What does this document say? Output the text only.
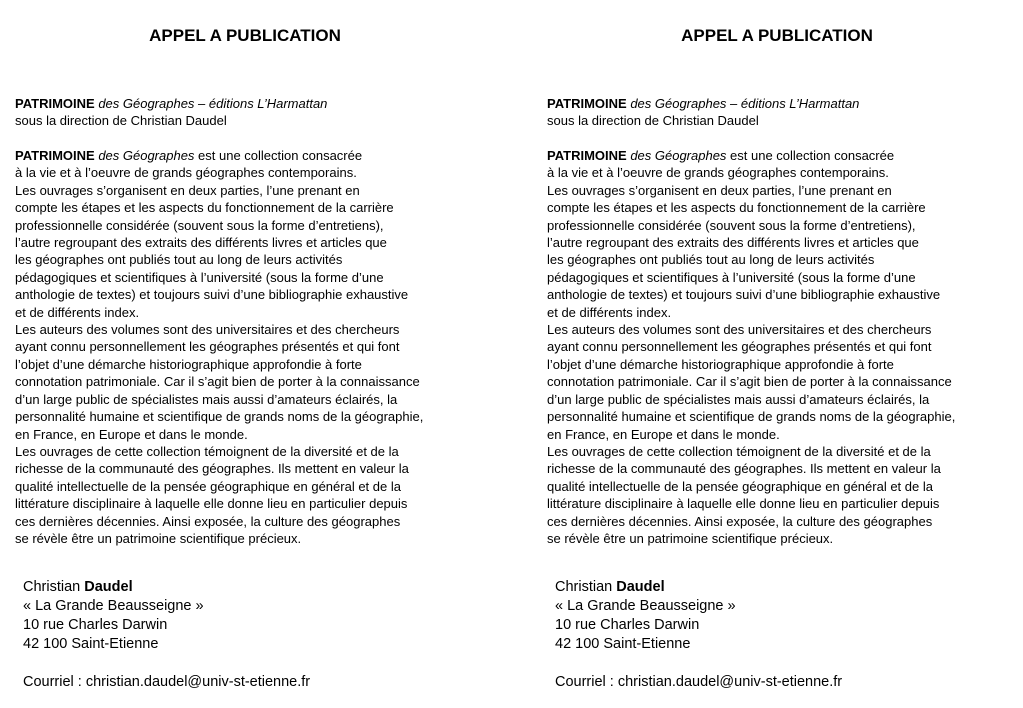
APPEL A PUBLICATION
PATRIMOINE des Géographes – éditions L’Harmattan
sous la direction de Christian Daudel
PATRIMOINE des Géographes est une collection consacrée
à la vie et à l’oeuvre de grands géographes contemporains.
Les ouvrages s’organisent en deux parties, l’une prenant en
compte les étapes et les aspects du fonctionnement de la carrière
professionnelle considérée (souvent sous la forme d’entretiens),
l’autre regroupant des extraits des différents livres et articles que
les géographes ont publiés tout au long de leurs activités
pédagogiques et scientifiques à l’université (sous la forme d’une
anthologie de textes) et toujours suivi d’une bibliographie exhaustive
et de différents index.
Les auteurs des volumes sont des universitaires et des chercheurs
ayant connu personnellement les géographes présentés et qui font
l’objet d’une démarche historiographique approfondie à forte
connotation patrimoniale. Car il s’agit bien de porter à la connaissance
d’un large public de spécialistes mais aussi d’amateurs éclairés, la
personnalité humaine et scientifique de grands noms de la géographie,
en France, en Europe et dans le monde.
Les ouvrages de cette collection témoignent de la diversité et de la
richesse de la communauté des géographes. Ils mettent en valeur la
qualité intellectuelle de la pensée géographique en général et de la
littérature disciplinaire à laquelle elle donne lieu en particulier depuis
ces dernières décennies. Ainsi exposée, la culture des géographes
se révèle être un patrimoine scientifique précieux.
Christian Daudel
« La Grande Beausseigne »
10 rue Charles Darwin
42 100 Saint-Etienne
Courriel : christian.daudel@univ-st-etienne.fr
APPEL A PUBLICATION
PATRIMOINE des Géographes – éditions L’Harmattan
sous la direction de Christian Daudel
PATRIMOINE des Géographes est une collection consacrée
à la vie et à l’oeuvre de grands géographes contemporains.
Les ouvrages s’organisent en deux parties, l’une prenant en
compte les étapes et les aspects du fonctionnement de la carrière
professionnelle considérée (souvent sous la forme d’entretiens),
l’autre regroupant des extraits des différents livres et articles que
les géographes ont publiés tout au long de leurs activités
pédagogiques et scientifiques à l’université (sous la forme d’une
anthologie de textes) et toujours suivi d’une bibliographie exhaustive
et de différents index.
Les auteurs des volumes sont des universitaires et des chercheurs
ayant connu personnellement les géographes présentés et qui font
l’objet d’une démarche historiographique approfondie à forte
connotation patrimoniale. Car il s’agit bien de porter à la connaissance
d’un large public de spécialistes mais aussi d’amateurs éclairés, la
personnalité humaine et scientifique de grands noms de la géographie,
en France, en Europe et dans le monde.
Les ouvrages de cette collection témoignent de la diversité et de la
richesse de la communauté des géographes. Ils mettent en valeur la
qualité intellectuelle de la pensée géographique en général et de la
littérature disciplinaire à laquelle elle donne lieu en particulier depuis
ces dernières décennies. Ainsi exposée, la culture des géographes
se révèle être un patrimoine scientifique précieux.
Christian Daudel
« La Grande Beausseigne »
10 rue Charles Darwin
42 100 Saint-Etienne
Courriel : christian.daudel@univ-st-etienne.fr
